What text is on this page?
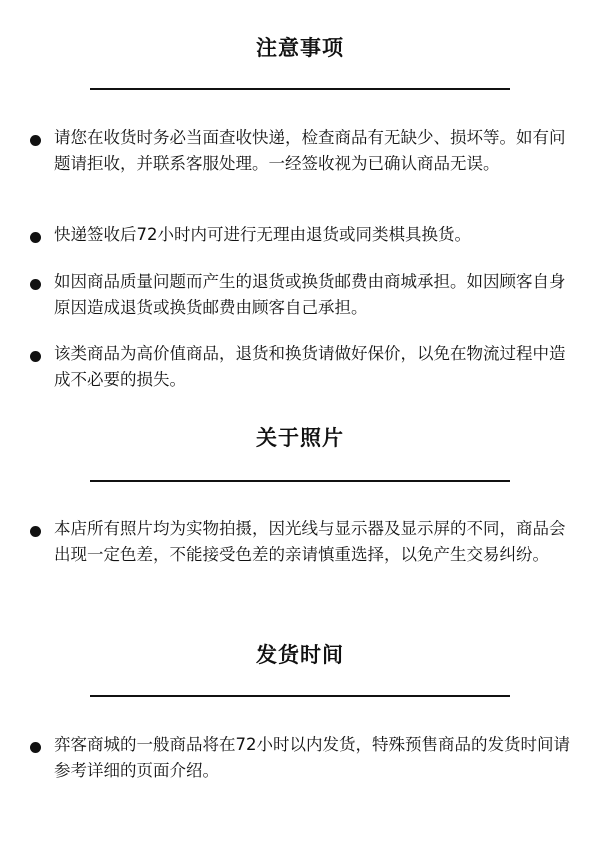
注意事项
请您在收货时务必当面查收快递，检查商品有无缺少、损坏等。如有问题请拒收，并联系客服处理。一经签收视为已确认商品无误。
快递签收后72小时内可进行无理由退货或同类棋具换货。
如因商品质量问题而产生的退货或换货邮费由商城承担。如因顾客自身原因造成退货或换货邮费由顾客自己承担。
该类商品为高价值商品，退货和换货请做好保价，以免在物流过程中造成不必要的损失。
关于照片
本店所有照片均为实物拍摄，因光线与显示器及显示屏的不同，商品会出现一定色差，不能接受色差的亲请慎重选择，以免产生交易纠纷。
发货时间
弈客商城的一般商品将在72小时以内发货，特殊预售商品的发货时间请参考详细的页面介绍。
